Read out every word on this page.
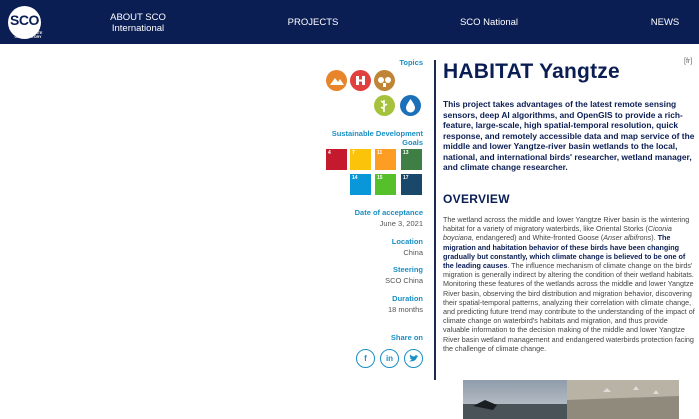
SCO
SPACE CLIMATE OBSERVATORY
ABOUT SCO
International
PROJECTS	SCO National	NEWS
Topics
Sustainable Development Goals
4	7	11	13
14	15	17
Date of acceptance
June 3, 2021
Location
China
Steering
SCO China
Duration
18 months
Share on
f	in
[fr]
HABITAT Yangtze
This project takes advantages of the latest remote sensing sensors, deep AI algorithms, and OpenGIS to provide a rich-feature, large-scale, high spatial-temporal resolution, quick response, and remotely accessible data and map service of the middle and lower Yangtze-river basin wetlands to the local, national, and international birds' researcher, wetland manager, and climate change researcher.
OVERVIEW
The wetland across the middle and lower Yangtze River basin is the wintering habitat for a variety of migratory waterbirds, like Oriental Storks (Ciconia boyciana, endangered) and White-fronted Goose (Anser albifrons). The migration and habitation behavior of these birds have been changing gradually but constantly, which climate change is believed to be one of the leading causes. The influence mechanism of climate change on the birds' migration is generally indirect by altering the condition of their wetland habitats. Monitoring these features of the wetlands across the middle and lower Yangtze River basin, observing the bird distribution and migration behavior, discovering their spatial-temporal patterns, analyzing their correlation with climate change, and predicting future trend may contribute to the understanding of the impact of climate change on waterbird's habitats and migration, and thus provide valuable information to the decision making of the middle and lower Yangtze River basin wetland management and endangered waterbirds protection facing the challenge of climate change.
